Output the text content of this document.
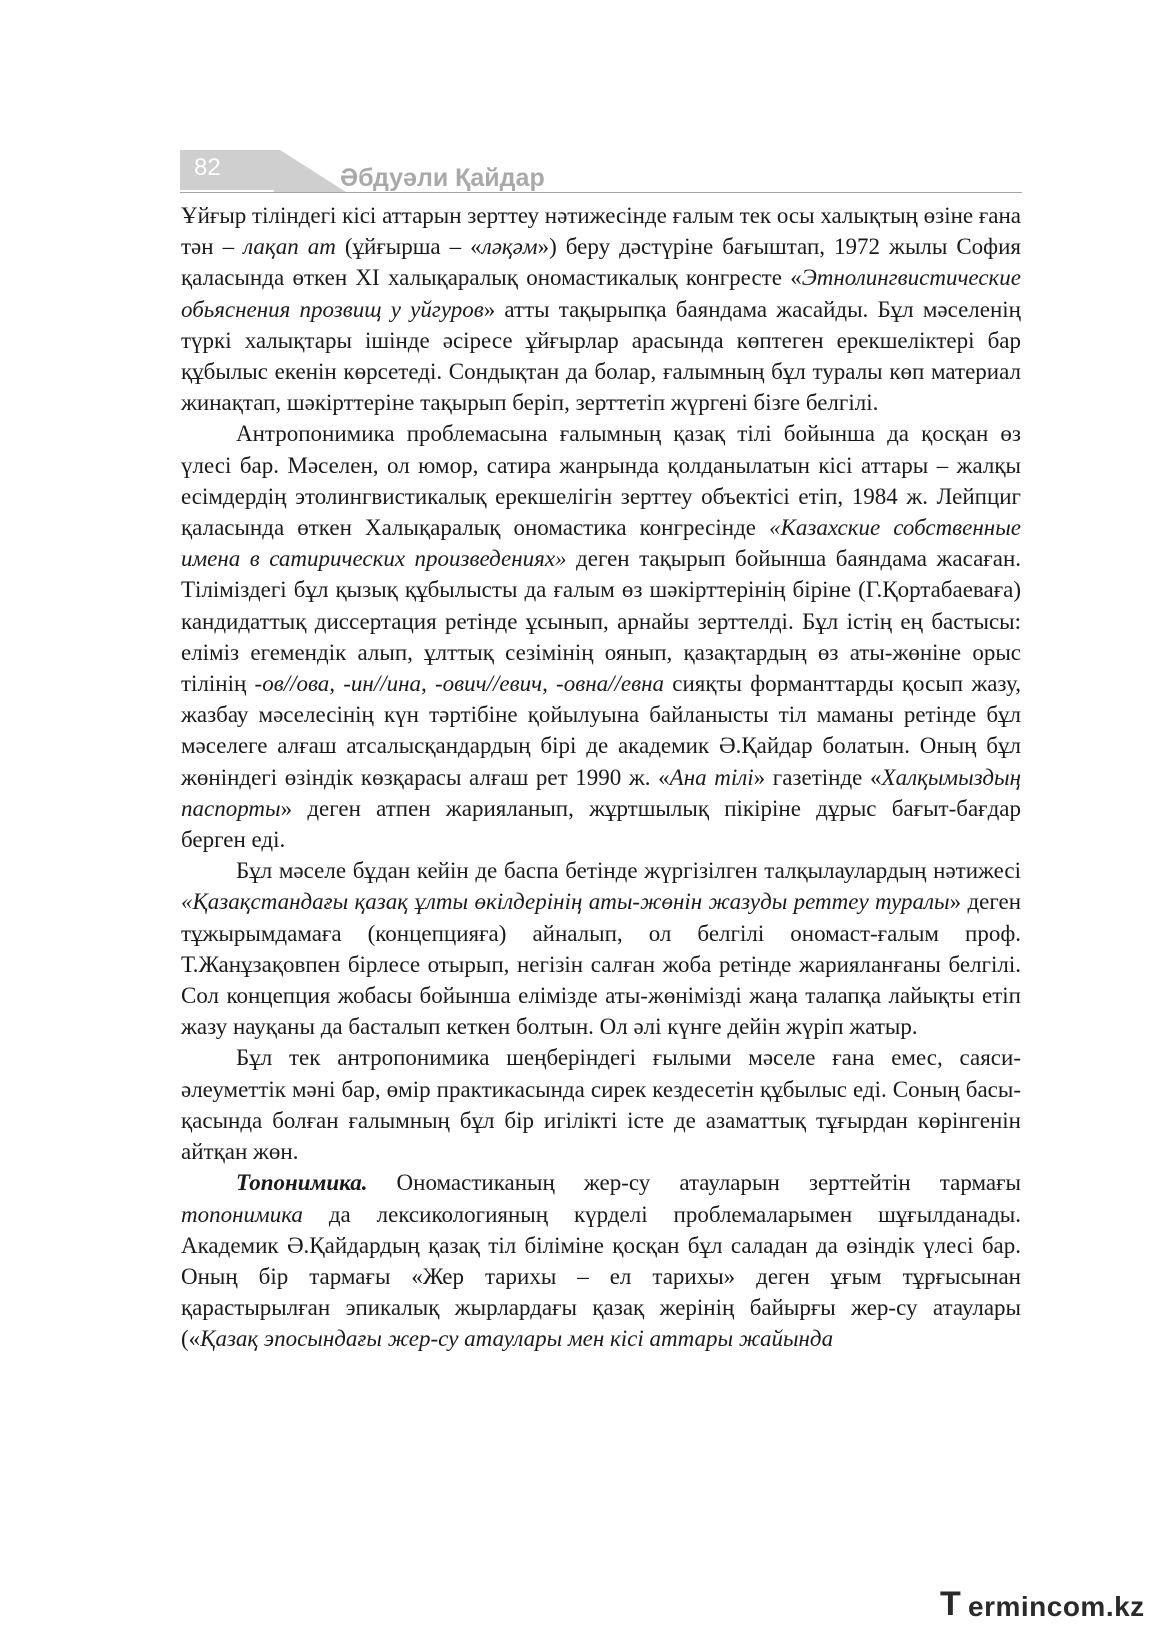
82	Әбдуәли Қайдар

Ұйғыр тіліндегі кісі аттарын зерттеу нәтижесінде ғалым тек осы халықтың өзіне ғана тән – лақап ат (ұйғырша – «ләқәм») беру дәстүріне бағыштап, 1972 жылы София қаласында өткен XI халықаралық ономастикалық конгресте «Этнолингвистические обьяснения прозвищ у уйгуров» атты тақырыпқа баяндама жасайды. Бұл мәселенің түркі халықтары ішінде әсіресе ұйғырлар арасында көптеген ерекшеліктері бар құбылыс екенін көрсетеді. Сондықтан да болар, ғалымның бұл туралы көп материал жинақтап, шәкірттеріне тақырып беріп, зерттетіп жүргені бізге белгілі.

Антропонимика проблемасына ғалымның қазақ тілі бойынша да қосқан өз үлесі бар. Мәселен, ол юмор, сатира жанрында қолданылатын кісі аттары – жалқы есімдердің этолингвистикалық ерекшелігін зерттеу объектісі етіп, 1984 ж. Лейпциг қаласында өткен Халықаралық ономастика конгресінде «Казахские собственные имена в сатирических произведениях» деген тақырып бойынша баяндама жасаған. Тіліміздегі бұл қызық құбылысты да ғалым өз шәкірттерінің біріне (Г.Қортабаеваға) кандидаттық диссертация ретінде ұсынып, арнайы зерттелді. Бұл істің ең бастысы: еліміз егемендік алып, ұлттық сезімінің оянып, қазақтардың өз аты-жөніне орыс тілінің -ов//ова, -ин//ина, -ович//евич, -овна//евна сияқты форманттарды қосып жазу, жазбау мәселесінің күн тәртібіне қойылуына байланысты тіл маманы ретінде бұл мәселеге алғаш атсалысқандардың бірі де академик Ә.Қайдар болатын. Оның бұл жөніндегі өзіндік көзқарасы алғаш рет 1990 ж. «Ана тілі» газетінде «Халқымыздың паспорты» деген атпен жарияланып, жұртшылық пікіріне дұрыс бағыт-бағдар берген еді.

Бұл мәселе бұдан кейін де баспа бетінде жүргізілген талқылаулардың нәтижесі «Қазақстандағы қазақ ұлты өкілдерінің аты-жөнін жазуды реттеу туралы» деген тұжырымдамаға (концепцияға) айналып, ол белгілі ономаст-ғалым проф. Т.Жанұзақовпен бірлесе отырып, негізін салған жоба ретінде жарияланғаны белгілі. Сол концепция жобасы бойынша елімізде аты-жөнімізді жаңа талапқа лайықты етіп жазу науқаны да басталып кеткен болтын. Ол әлі күнге дейін жүріп жатыр.

Бұл тек антропонимика шеңберіндегі ғылыми мәселе ғана емес, саяси-әлеуметтік мәні бар, өмір практикасында сирек кездесетін құбылыс еді. Соның басы-қасында болған ғалымның бұл бір игілікті істе де азаматтық тұғырдан көрінгенін айтқан жөн.

Топонимика. Ономастиканың жер-су атауларын зерттейтін тармағы топонимика да лексикологияның күрделі проблемаларымен шұғылданады. Академик Ә.Қайдардың қазақ тіл біліміне қосқан бұл саладан да өзіндік үлесі бар. Оның бір тармағы «Жер тарихы – ел тарихы» деген ұғым тұрғысынан қарастырылған эпикалық жырлардағы қазақ жерінің байырғы жер-су атаулары («Қазақ эпосындағы жер-су атаулары мен кісі аттары жайында

T ermincom.kz
